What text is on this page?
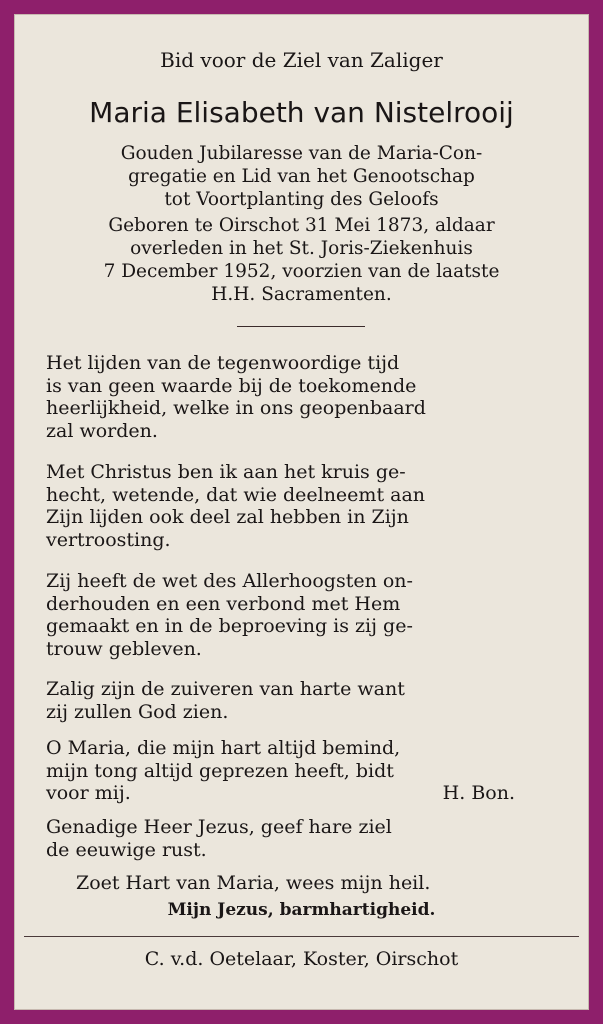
Bid voor de Ziel van Zaliger
Maria Elisabeth van Nistelrooij
Gouden Jubilaresse van de Maria-Con-
gregatie en Lid van het Genootschap
tot Voortplanting des Geloofs
Geboren te Oirschot 31 Mei 1873, aldaar
overleden in het St. Joris-Ziekenhuis
7 December 1952, voorzien van de laatste
H.H. Sacramenten.
Het lijden van de tegenwoordige tijd
is van geen waarde bij de toekomende
heerlijkheid, welke in ons geopenbaard
zal worden.
Met Christus ben ik aan het kruis ge-
hecht, wetende, dat wie deelneemt aan
Zijn lijden ook deel zal hebben in Zijn
vertroosting.
Zij heeft de wet des Allerhoogsten on-
derhouden en een verbond met Hem
gemaakt en in de beproeving is zij ge-
trouw gebleven.
Zalig zijn de zuiveren van harte want
zij zullen God zien.
O Maria, die mijn hart altijd bemind,
mijn tong altijd geprezen heeft, bidt
voor mij.	H. Bon.
Genadige Heer Jezus, geef hare ziel
de eeuwige rust.
Zoet Hart van Maria, wees mijn heil.
Mijn Jezus, barmhartigheid.
C. v.d. Oetelaar, Koster, Oirschot
